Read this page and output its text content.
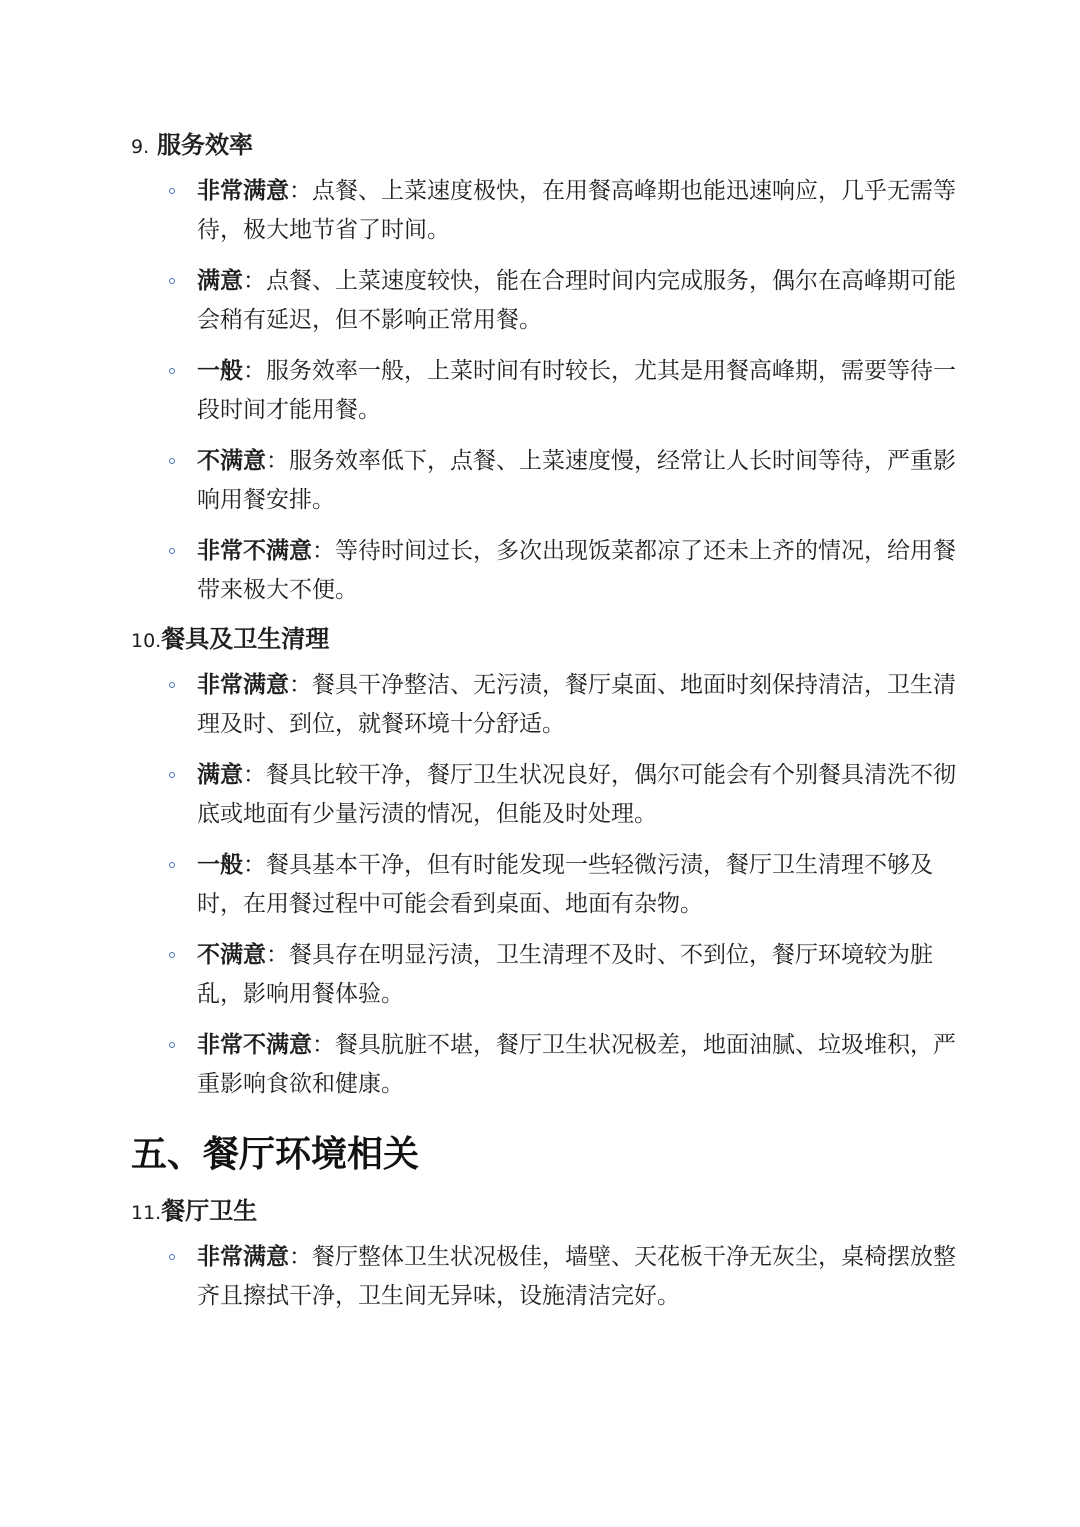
9. 服务效率
非常满意：点餐、上菜速度极快，在用餐高峰期也能迅速响应，几乎无需等待，极大地节省了时间。
满意：点餐、上菜速度较快，能在合理时间内完成服务，偶尔在高峰期可能会稍有延迟，但不影响正常用餐。
一般：服务效率一般，上菜时间有时较长，尤其是用餐高峰期，需要等待一段时间才能用餐。
不满意：服务效率低下，点餐、上菜速度慢，经常让人长时间等待，严重影响用餐安排。
非常不满意：等待时间过长，多次出现饭菜都凉了还未上齐的情况，给用餐带来极大不便。
10. 餐具及卫生清理
非常满意：餐具干净整洁、无污渍，餐厅桌面、地面时刻保持清洁，卫生清理及时、到位，就餐环境十分舒适。
满意：餐具比较干净，餐厅卫生状况良好，偶尔可能会有个别餐具清洗不彻底或地面有少量污渍的情况，但能及时处理。
一般：餐具基本干净，但有时能发现一些轻微污渍，餐厅卫生清理不够及时，在用餐过程中可能会看到桌面、地面有杂物。
不满意：餐具存在明显污渍，卫生清理不及时、不到位，餐厅环境较为脏乱，影响用餐体验。
非常不满意：餐具肮脏不堪，餐厅卫生状况极差，地面油腻、垃圾堆积，严重影响食欲和健康。
五、餐厅环境相关
11. 餐厅卫生
非常满意：餐厅整体卫生状况极佳，墙壁、天花板干净无灰尘，桌椅摆放整齐且擦拭干净，卫生间无异味，设施清洁完好。
